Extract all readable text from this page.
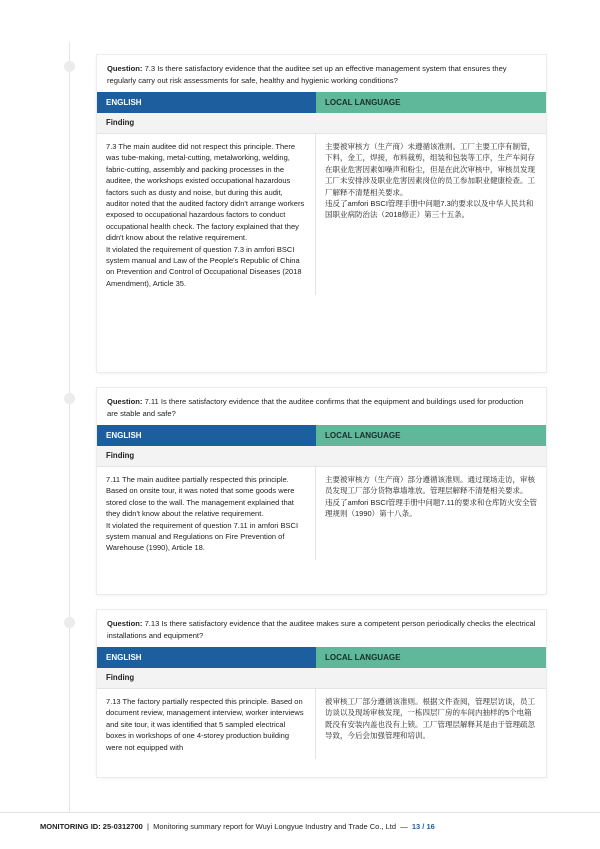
Question: 7.3 Is there satisfactory evidence that the auditee set up an effective management system that ensures they regularly carry out risk assessments for safe, healthy and hygienic working conditions?
ENGLISH	LOCAL LANGUAGE
Finding
7.3 The main auditee did not respect this principle. There was tube-making, metal-cutting, metalworking, welding, fabric-cutting, assembly and packing processes in the auditee, the workshops existed occupational hazardous factors such as dusty and noise, but during this audit, auditor noted that the audited factory didn't arrange workers exposed to occupational hazardous factors to conduct occupational health check. The factory explained that they didn't know about the relative requirement.
It violated the requirement of question 7.3 in amfori BSCI system manual and Law of the People's Republic of China on Prevention and Control of Occupational Diseases (2018 Amendment), Article 35.
主要被审核方（生产商）未遵循该准则。工厂主要工序有制管，下料，金工，焊接，布料裁剪，组装和包装等工序，生产车间存在职业危害因素如噪声和粉尘，但是在此次审核中，审核员发现工厂未安排涉及职业危害因素岗位的员工参加职业健康检查。工厂解释不清楚相关要求。
违反了amfori BSCI管理手册中问题7.3的要求以及中华人民共和国职业病防治法（2018修正）第三十五条。
Question: 7.11 Is there satisfactory evidence that the auditee confirms that the equipment and buildings used for production are stable and safe?
ENGLISH	LOCAL LANGUAGE
Finding
7.11 The main auditee partially respected this principle. Based on onsite tour, it was noted that some goods were stored close to the wall. The management explained that they didn't know about the relative requirement.
It violated the requirement of question 7.11 in amfori BSCI system manual and Regulations on Fire Prevention of Warehouse (1990), Article 18.
主要被审核方（生产商）部分遵循该准则。通过现场走访，审核员发现工厂部分货物靠墙堆放。管理层解释不清楚相关要求。
违反了amfori BSCI管理手册中问题7.11的要求和仓库防火安全管理规则（1990）第十八条。
Question: 7.13 Is there satisfactory evidence that the auditee makes sure a competent person periodically checks the electrical installations and equipment?
ENGLISH	LOCAL LANGUAGE
Finding
7.13 The factory partially respected this principle. Based on document review, management interview, worker interviews and site tour, it was identified that 5 sampled electrical boxes in workshops of one 4-storey production building were not equipped with
被审核工厂部分遵循该准则。根据文件查阅，管理层访谈，员工访谈以及现场审核发现，一栋四层厂房的车间内抽样的5个电箱既没有安装内盖也没有上锁。工厂管理层解释其是由于管理疏忽导致，今后会加强管理和培训。
MONITORING ID: 25-0312700 | Monitoring summary report for Wuyi Longyue Industry and Trade Co., Ltd — 13 / 16
